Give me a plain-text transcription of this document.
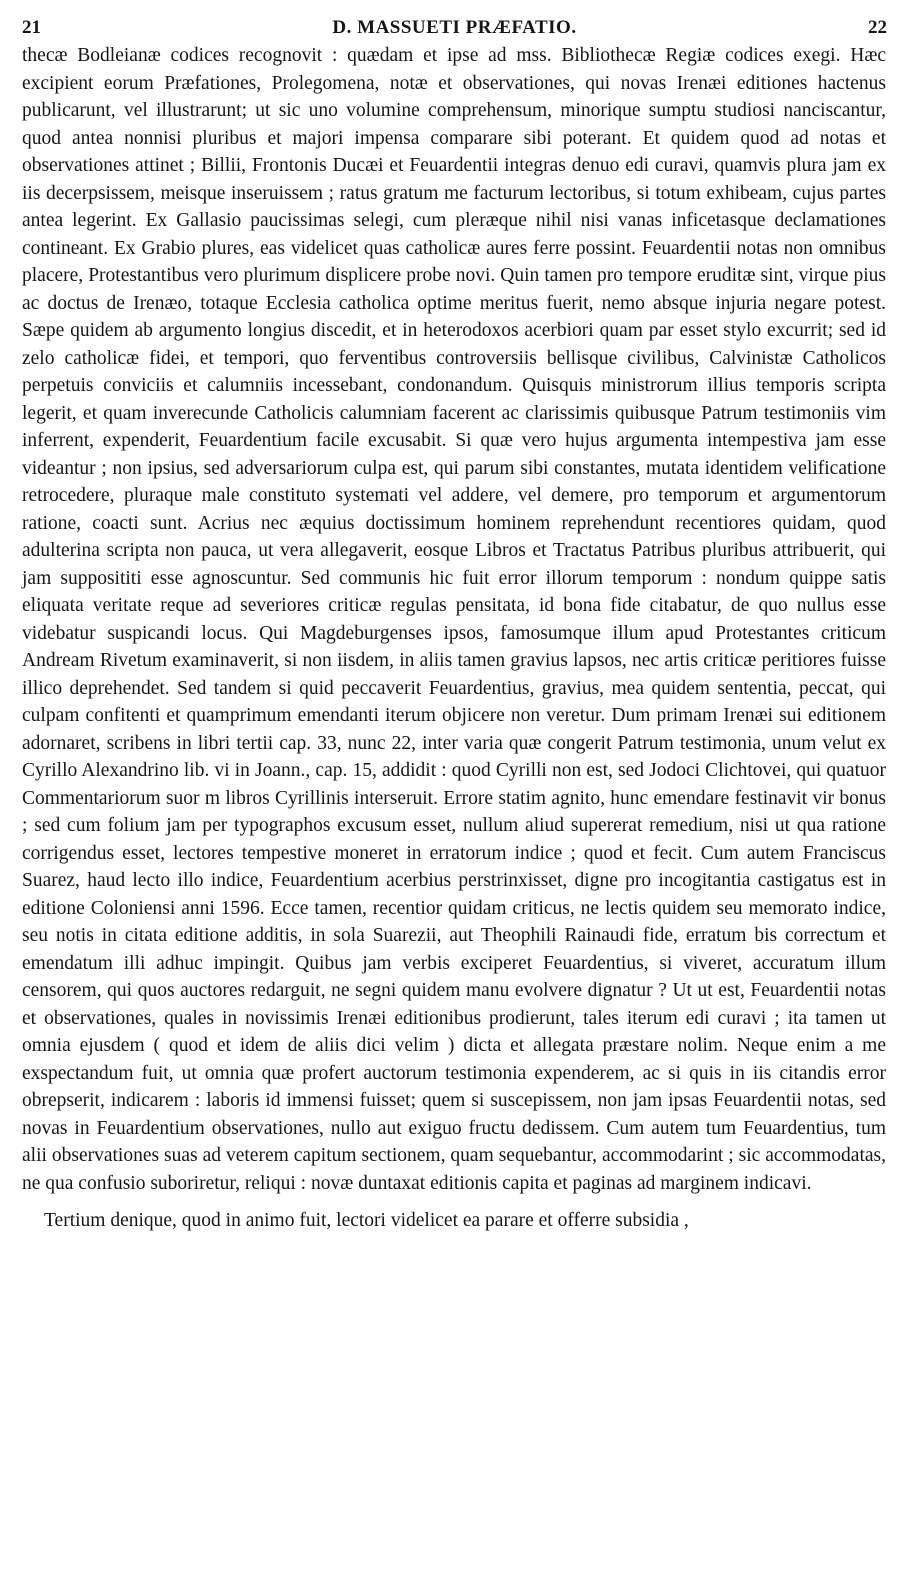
21	D. MASSUETI PRÆFATIO.	22

thecæ Bodleianæ codices recognovit : quædam et ipse ad mss. Bibliothecæ Regiæ codices exegi. Hæc excipient eorum Præfationes, Prolegomena, notæ et observationes, qui novas Irenæi editiones hactenus publicarunt, vel illustrarunt; ut sic uno volumine comprehensum, minorique sumptu studiosi nanciscantur, quod antea nonnisi pluribus et majori impensa comparare sibi poterant. Et quidem quod ad notas et observationes attinet ; Billii, Frontonis Ducæi et Feuardentii integras denuo edi curavi, quamvis plura jam ex iis decerpsissem, meisque inseruissem ; ratus gratum me facturum lectoribus, si totum exhibeam, cujus partes antea legerint. Ex Gallasio paucissimas selegi, cum pleræque nihil nisi vanas inficetasque declamationes contineant. Ex Grabio plures, eas videlicet quas catholicæ aures ferre possint. Feuardentii notas non omnibus placere, Protestantibus vero plurimum displicere probe novi. Quin tamen pro tempore eruditæ sint, virque pius ac doctus de Irenæo, totaque Ecclesia catholica optime meritus fuerit, nemo absque injuria negare potest. Sæpe quidem ab argumento longius discedit, et in heterodoxos acerbiori quam par esset stylo excurrit; sed id zelo catholicæ fidei, et tempori, quo ferventibus controversiis bellisque civilibus, Calvinistæ Catholicos perpetuis conviciis et calumniis incessebant, condonandum. Quisquis ministrorum illius temporis scripta legerit, et quam inverecunde Catholicis calumniam facerent ac clarissimis quibusque Patrum testimoniis vim inferrent, expenderit, Feuardentium facile excusabit. Si quæ vero hujus argumenta intempestiva jam esse videantur ; non ipsius, sed adversariorum culpa est, qui parum sibi constantes, mutata identidem velificatione retrocedere, pluraque male constituto systemati vel addere, vel demere, pro temporum et argumentorum ratione, coacti sunt. Acrius nec æquius doctissimum hominem reprehendunt recentiores quidam, quod adulterina scripta non pauca, ut vera allegaverit, eosque Libros et Tractatus Patribus pluribus attribuerit, qui jam supposititi esse agnoscuntur. Sed communis hic fuit error illorum temporum : nondum quippe satis eliquata veritate reque ad severiores criticæ regulas pensitata, id bona fide citabatur, de quo nullus esse videbatur suspicandi locus. Qui Magdeburgenses ipsos, famosumque illum apud Protestantes criticum Andream Rivetum examinaverit, si non iisdem, in aliis tamen gravius lapsos, nec artis criticæ peritiores fuisse illico deprehendet. Sed tandem si quid peccaverit Feuardentius, gravius, mea quidem sententia, peccat, qui culpam confitenti et quamprimum emendanti iterum objicere non veretur. Dum primam Irenæi sui editionem adornaret, scribens in libri tertii cap. 33, nunc 22, inter varia quæ congerit Patrum testimonia, unum velut ex Cyrillo Alexandrino lib. vi in Joann., cap. 15, addidit : quod Cyrilli non est, sed Jodoci Clichtovei, qui quatuor Commentariorum suor m libros Cyrillinis interseruit. Errore statim agnito, hunc emendare festinavit vir bonus ; sed cum folium jam per typographos excusum esset, nullum aliud supererat remedium, nisi ut qua ratione corrigendus esset, lectores tempestive moneret in erratorum indice ; quod et fecit. Cum autem Franciscus Suarez, haud lecto illo indice, Feuardentium acerbius perstrinxisset, digne pro incogitantia castigatus est in editione Coloniensi anni 1596. Ecce tamen, recentior quidam criticus, ne lectis quidem seu memorato indice, seu notis in citata editione additis, in sola Suarezii, aut Theophili Rainaudi fide, erratum bis correctum et emendatum illi adhuc impingit. Quibus jam verbis exciperet Feuardentius, si viveret, accuratum illum censorem, qui quos auctores redarguit, ne segni quidem manu evolvere dignatur ? Ut ut est, Feuardentii notas et observationes, quales in novissimis Irenæi editionibus prodierunt, tales iterum edi curavi ; ita tamen ut omnia ejusdem ( quod et idem de aliis dici velim ) dicta et allegata præstare nolim. Neque enim a me exspectandum fuit, ut omnia quæ profert auctorum testimonia expenderem, ac si quis in iis citandis error obrepserit, indicarem : laboris id immensi fuisset; quem si suscepissem, non jam ipsas Feuardentii notas, sed novas in Feuardentium observationes, nullo aut exiguo fructu dedissem. Cum autem tum Feuardentius, tum alii observationes suas ad veterem capitum sectionem, quam sequebantur, accommodarint ; sic accommodatas, ne qua confusio suboriretur, reliqui : novæ duntaxat editionis capita et paginas ad marginem indicavi.

Tertium denique, quod in animo fuit, lectori videlicet ea parare et offerre subsidia ,
